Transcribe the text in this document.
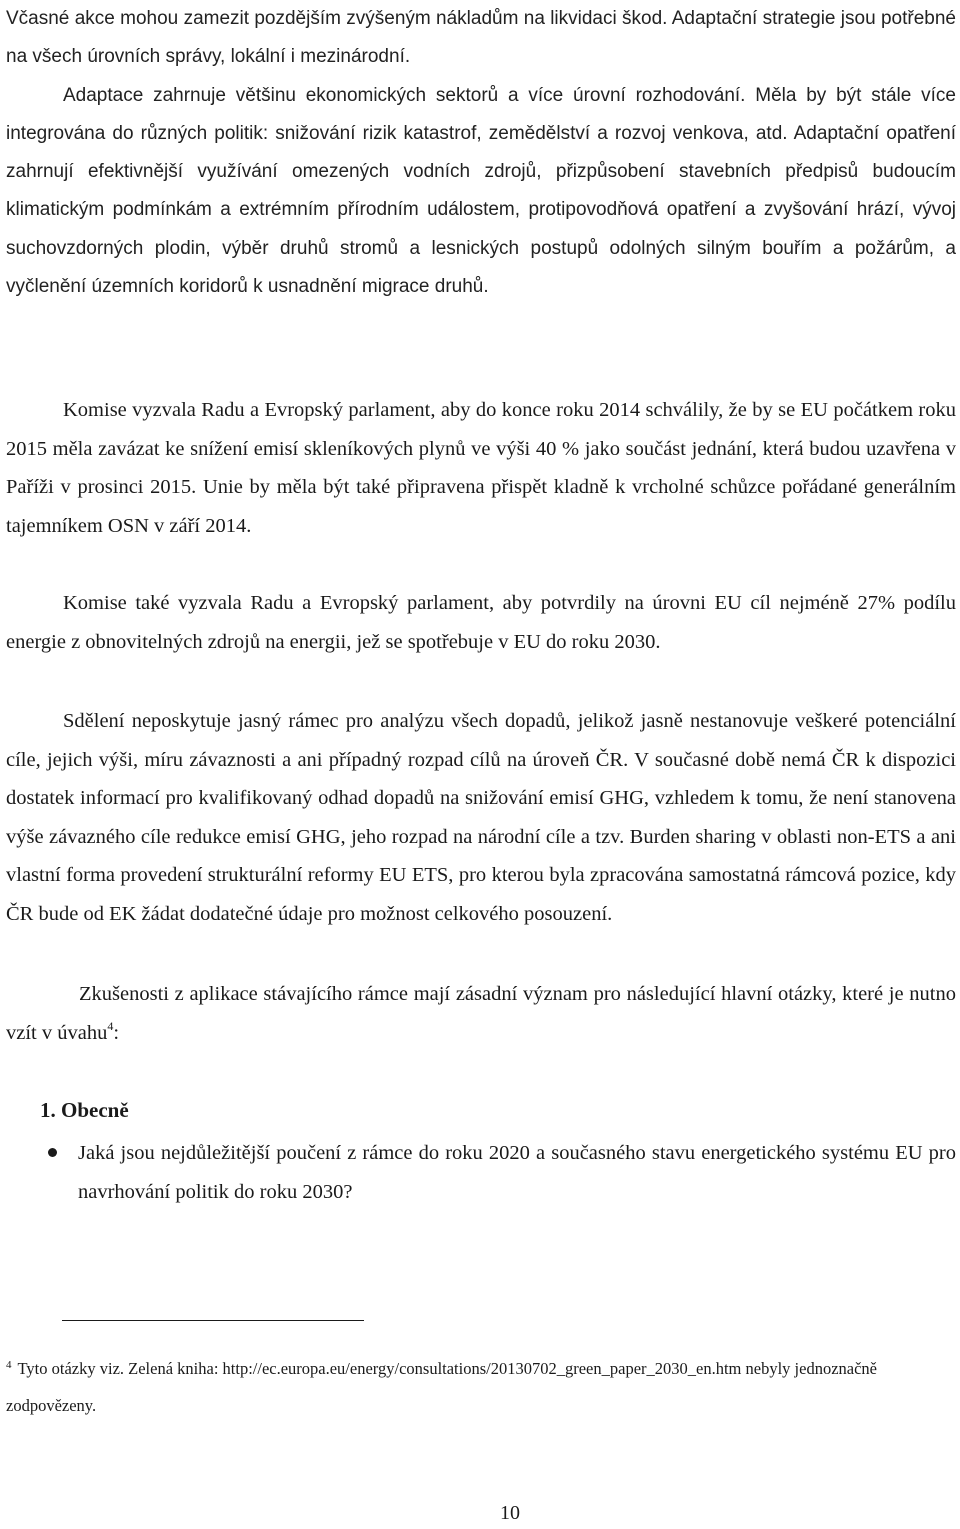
Včasné akce mohou zamezit pozdějším zvýšeným nákladům na likvidaci škod. Adaptační strategie jsou potřebné na všech úrovních správy, lokální i mezinárodní.
Adaptace zahrnuje většinu ekonomických sektorů a více úrovní rozhodování. Měla by být stále více integrována do různých politik: snižování rizik katastrof, zemědělství a rozvoj venkova, atd. Adaptační opatření zahrnují efektivnější využívání omezených vodních zdrojů, přizpůsobení stavebních předpisů budoucím klimatickým podmínkám a extrémním přírodním událostem, protipovodňová opatření a zvyšování hrází, vývoj suchovzdorných plodin, výběr druhů stromů a lesnických postupů odolných silným bouřím a požárům, a vyčlenění územních koridorů k usnadnění migrace druhů.

Komise vyzvala Radu a Evropský parlament, aby do konce roku 2014 schválily, že by se EU počátkem roku 2015 měla zavázat ke snížení emisí skleníkových plynů ve výši 40 % jako součást jednání, která budou uzavřena v Paříži v prosinci 2015. Unie by měla být také připravena přispět kladně k vrcholné schůzce pořádané generálním tajemníkem OSN v září 2014.

Komise také vyzvala Radu a Evropský parlament, aby potvrdily na úrovni EU cíl nejméně 27% podílu energie z obnovitelných zdrojů na energii, jež se spotřebuje v EU do roku 2030.

Sdělení neposkytuje jasný rámec pro analýzu všech dopadů, jelikož jasně nestanovuje veškeré potenciální cíle, jejich výši, míru závaznosti a ani případný rozpad cílů na úroveň ČR. V současné době nemá ČR k dispozici dostatek informací pro kvalifikovaný odhad dopadů na snižování emisí GHG, vzhledem k tomu, že není stanovena výše závazného cíle redukce emisí GHG, jeho rozpad na národní cíle a tzv. Burden sharing v oblasti non-ETS a ani vlastní forma provedení strukturální reformy EU ETS, pro kterou byla zpracována samostatná rámcová pozice, kdy ČR bude od EK žádat dodatečné údaje pro možnost celkového posouzení.

Zkušenosti z aplikace stávajícího rámce mají zásadní význam pro následující hlavní otázky, které je nutno vzít v úvahu$^4$:

1. Obecně

Jaká jsou nejdůležitější poučení z rámce do roku 2020 a současného stavu energetického systému EU pro navrhování politik do roku 2030?

$^4$ Tyto otázky viz. Zelená kniha: http://ec.europa.eu/energy/consultations/20130702_green_paper_2030_en.htm nebyly jednoznačně zodpovězeny.
10
